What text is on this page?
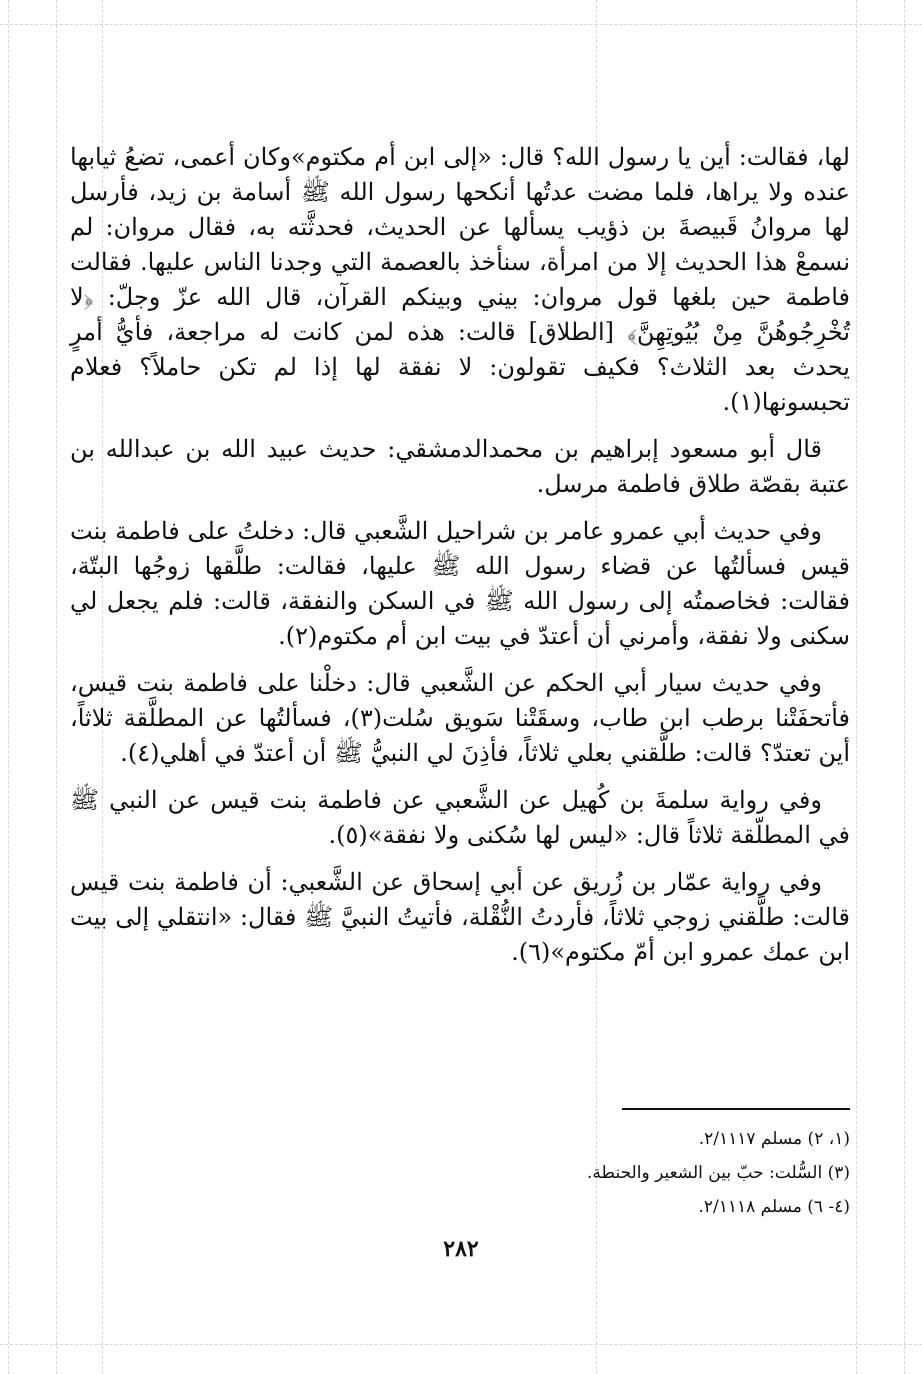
لها، فقالت: أين يا رسول الله؟ قال: «إلى ابن أم مكتوم»وكان أعمى، تضعُ ثيابها عنده ولا يراها، فلما مضت عدتُها أنكحها رسول الله ﷺ أسامة بن زيد، فأرسل لها مروانُ قَبيصةَ بن ذؤيب يسألها عن الحديث، فحدثَّته به، فقال مروان: لم نسمعْ هذا الحديث إلا من امرأة، سنأخذ بالعصمة التي وجدنا الناس عليها. فقالت فاطمة حين بلغها قول مروان: بيني وبينكم القرآن، قال الله عزّ وجلّ: ﴿لا تُخْرِجُوهُنَّ مِنْ بُيُوتِهِنَّ﴾ [الطلاق] قالت: هذه لمن كانت له مراجعة، فأيُّ أمرٍ يحدث بعد الثلاث؟ فكيف تقولون: لا نفقة لها إذا لم تكن حاملاً؟ فعلام تحبسونها(١).

قال أبو مسعود إبراهيم بن محمدالدمشقي: حديث عبيد الله بن عبدالله بن عتبة بقصّة طلاق فاطمة مرسل.

وفي حديث أبي عمرو عامر بن شراحيل الشَّعبي قال: دخلتُ على فاطمة بنت قيس فسألتُها عن قضاء رسول الله ﷺ عليها، فقالت: طلَّقها زوجُها البتّة، فقالت: فخاصمتُه إلى رسول الله ﷺ في السكن والنفقة، قالت: فلم يجعل لي سكنى ولا نفقة، وأمرني أن أعتدّ في بيت ابن أم مكتوم(٢).

وفي حديث سيار أبي الحكم عن الشَّعبي قال: دخلْنا على فاطمة بنت قيس، فأتحفَتْنا برطب ابن طاب، وسقَتْنا سَويق سُلت(٣)، فسألتُها عن المطلَّقة ثلاثاً، أين تعتدّ؟ قالت: طلَّقني بعلي ثلاثاً، فأذِنَ لي النبيُّ ﷺ أن أعتدّ في أهلي(٤).

وفي رواية سلمةَ بن كُهيل عن الشَّعبي عن فاطمة بنت قيس عن النبي ﷺ في المطلّقة ثلاثاً قال: «ليس لها سُكنى ولا نفقة»(٥).

وفي رواية عمّار بن زُريق عن أبي إسحاق عن الشَّعبي: أن فاطمة بنت قيس قالت: طلَّقني زوجي ثلاثاً، فأردتُ النُّقْلة، فأتيتُ النبيَّ ﷺ فقال: «انتقلي إلى بيت ابن عمك عمرو ابن أمّ مكتوم»(٦).

(١، ٢) مسلم ٢/١١١٧.

(٣) السُّلت: حبّ بين الشعير والحنطة.

(٤- ٦) مسلم ٢/١١١٨.

٢٨٢
